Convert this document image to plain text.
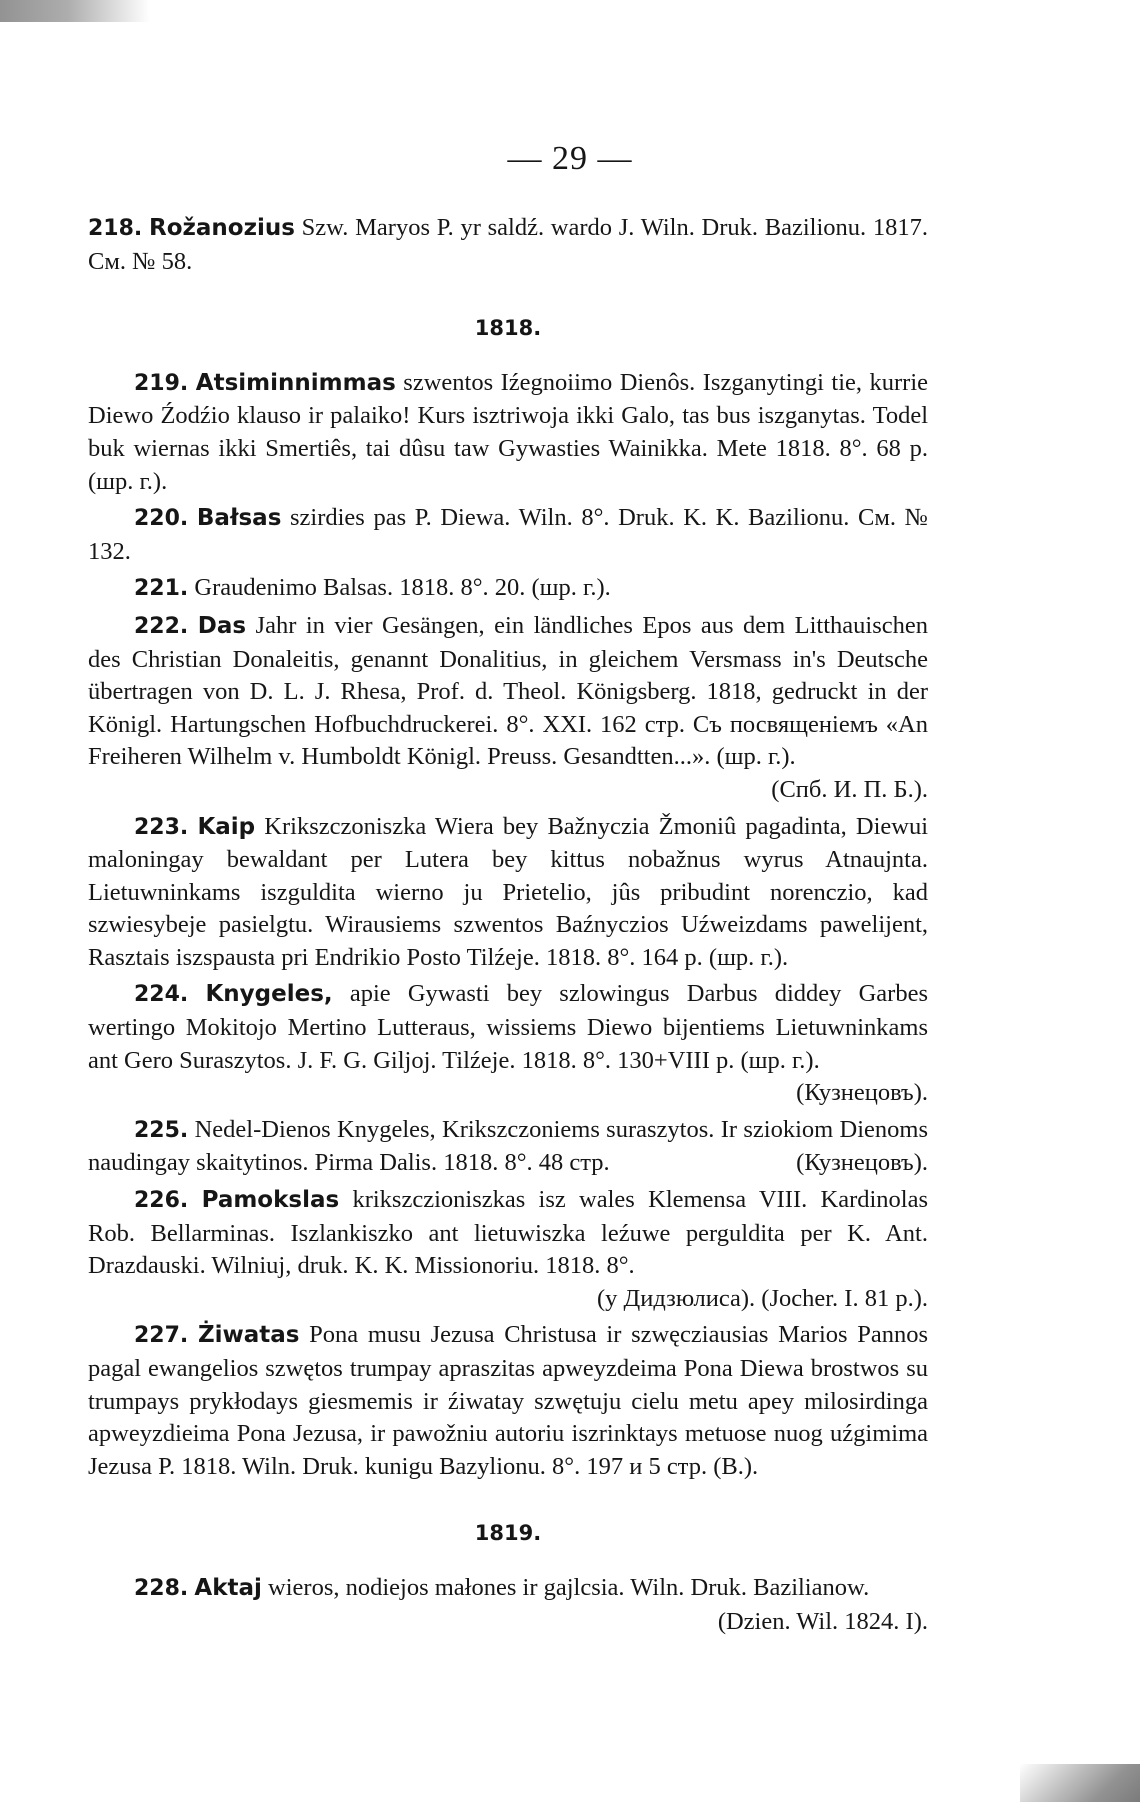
— 29 —

218. Rožanozius Szw. Maryos P. yr saldź. wardo J. Wiln. Druk. Bazilionu. 1817. См. № 58.

1818.

219. Atsiminnimmas szwentos Iźegnoiimo Dienôs. Iszganytingi tie, kurrie Diewo Źodźio klauso ir palaiko! Kurs isztriwoja ikki Galo, tas bus iszganytas. Todel buk wiernas ikki Smertiês, tai dûsu taw Gywasties Wainikka. Mete 1818. 8°. 68 p. (шр. г.).

220. Bałsas szirdies pas P. Diewa. Wiln. 8°. Druk. K. K. Bazilionu. См. № 132.

221. Graudenimo Balsas. 1818. 8°. 20. (шр. г.).

222. Das Jahr in vier Gesängen, ein ländliches Epos aus dem Litthauischen des Christian Donaleitis, genannt Donalitius, in gleichem Versmass in's Deutsche übertragen von D. L. J. Rhesa, Prof. d. Theol. Königsberg. 1818, gedruckt in der Königl. Hartungschen Hofbuchdruckerei. 8°. XXI. 162 стр. Съ посвященіемъ «An Freiheren Wilhelm v. Humboldt Königl. Preuss. Gesandtten...». (шр. г.).
(Спб. И. П. Б.).

223. Kaip Krikszczoniszka Wiera bey Bažnyczia Žmoniû pagadinta, Diewui maloningay bewaldant per Lutera bey kittus nobažnus wyrus Atnaujnta. Lietuwninkams iszguldita wierno ju Prietelio, jûs pribudint norenczio, kad szwiesybeje pasielgtu. Wirausiems szwentos Baźnyczios Uźweizdams pawelijent, Rasztais iszspausta pri Endrikio Posto Tilźeje. 1818. 8°. 164 p. (шр. г.).

224. Knygeles, apie Gywasti bey szlowingus Darbus diddey Garbes wertingo Mokitojo Mertino Lutteraus, wissiems Diewo bijentiems Lietuwninkams ant Gero Suraszytos. J. F. G. Giljoj. Tilźeje. 1818. 8°. 130+VIII p. (шр. г.).
(Кузнецовъ).

225. Nedel-Dienos Knygeles, Krikszczoniems suraszytos. Ir sziokiom Dienoms naudingay skaitytinos. Pirma Dalis. 1818. 8°. 48 стр.	(Кузнецовъ).

226. Pamokslas krikszczioniszkas isz wales Klemensa VIII. Kardinolas Rob. Bellarminas. Iszlankiszko ant lietuwiszka leźuwe perguldita per K. Ant. Drazdauski. Wilniuj, druk. K. K. Missionoriu. 1818. 8°.
(у Дидзюлиса). (Jocher. I. 81 p.).

227. Żiwatas Pona musu Jezusa Christusa ir szwęcziausias Marios Pannos pagal ewangelios szwętos trumpay apraszitas apweyzdeima Pona Diewa brostwos su trumpays prykłodays giesmemis ir źiwatay szwętuju cielu metu apey milosirdinga apweyzdieima Pona Jezusa, ir pawožniu autoriu iszrinktays metuose nuog uźgimima Jezusa P. 1818. Wiln. Druk. kunigu Bazylionu. 8°. 197 и 5 стр. (В.).

1819.

228. Aktaj wieros, nodiejos małones ir gajlcsia. Wiln. Druk. Bazilianow.
(Dzien. Wil. 1824. I).
